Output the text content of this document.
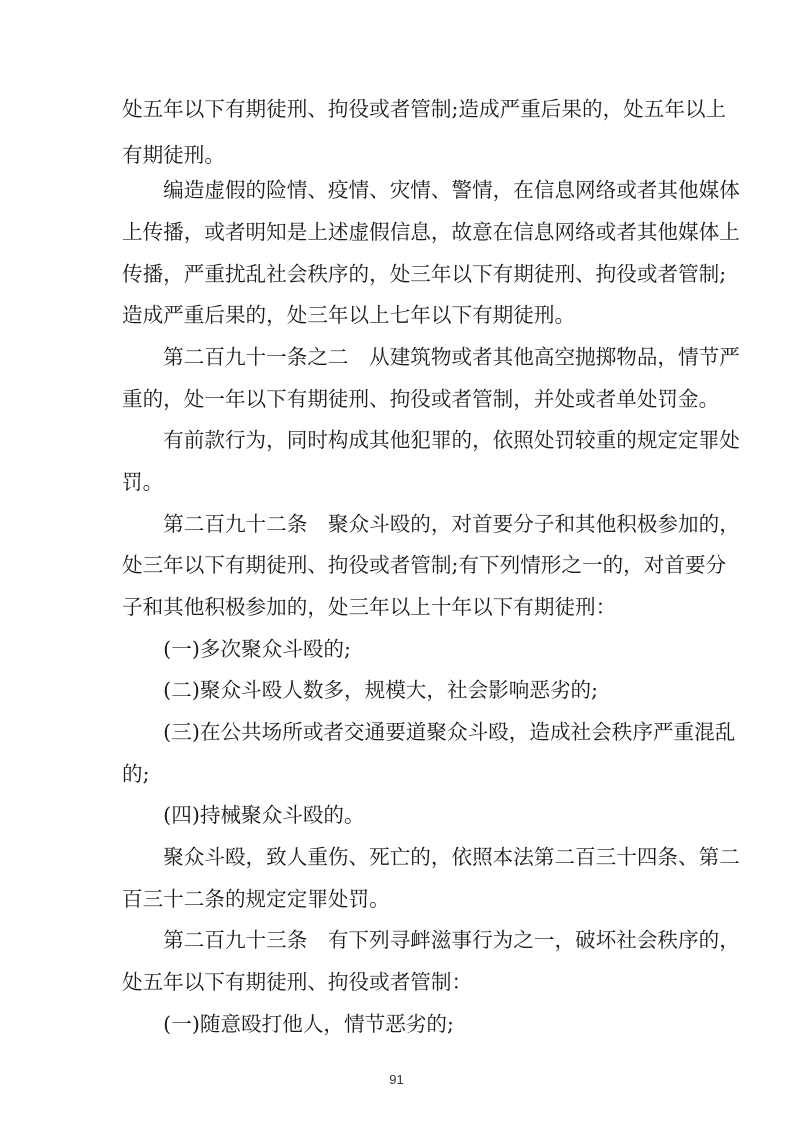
处五年以下有期徒刑、拘役或者管制;造成严重后果的，处五年以上
有期徒刑。
　　编造虚假的险情、疫情、灾情、警情，在信息网络或者其他媒体
上传播，或者明知是上述虚假信息，故意在信息网络或者其他媒体上
传播，严重扰乱社会秩序的，处三年以下有期徒刑、拘役或者管制;
造成严重后果的，处三年以上七年以下有期徒刑。
　　第二百九十一条之二　从建筑物或者其他高空抛掷物品，情节严
重的，处一年以下有期徒刑、拘役或者管制，并处或者单处罚金。
　　有前款行为，同时构成其他犯罪的，依照处罚较重的规定定罪处
罚。
　　第二百九十二条　聚众斗殴的，对首要分子和其他积极参加的，
处三年以下有期徒刑、拘役或者管制;有下列情形之一的，对首要分
子和其他积极参加的，处三年以上十年以下有期徒刑：
　　(一)多次聚众斗殴的;
　　(二)聚众斗殴人数多，规模大，社会影响恶劣的;
　　(三)在公共场所或者交通要道聚众斗殴，造成社会秩序严重混乱
的;
　　(四)持械聚众斗殴的。
　　聚众斗殴，致人重伤、死亡的，依照本法第二百三十四条、第二
百三十二条的规定定罪处罚。
　　第二百九十三条　有下列寻衅滋事行为之一，破坏社会秩序的，
处五年以下有期徒刑、拘役或者管制：
　　(一)随意殴打他人，情节恶劣的;
91
